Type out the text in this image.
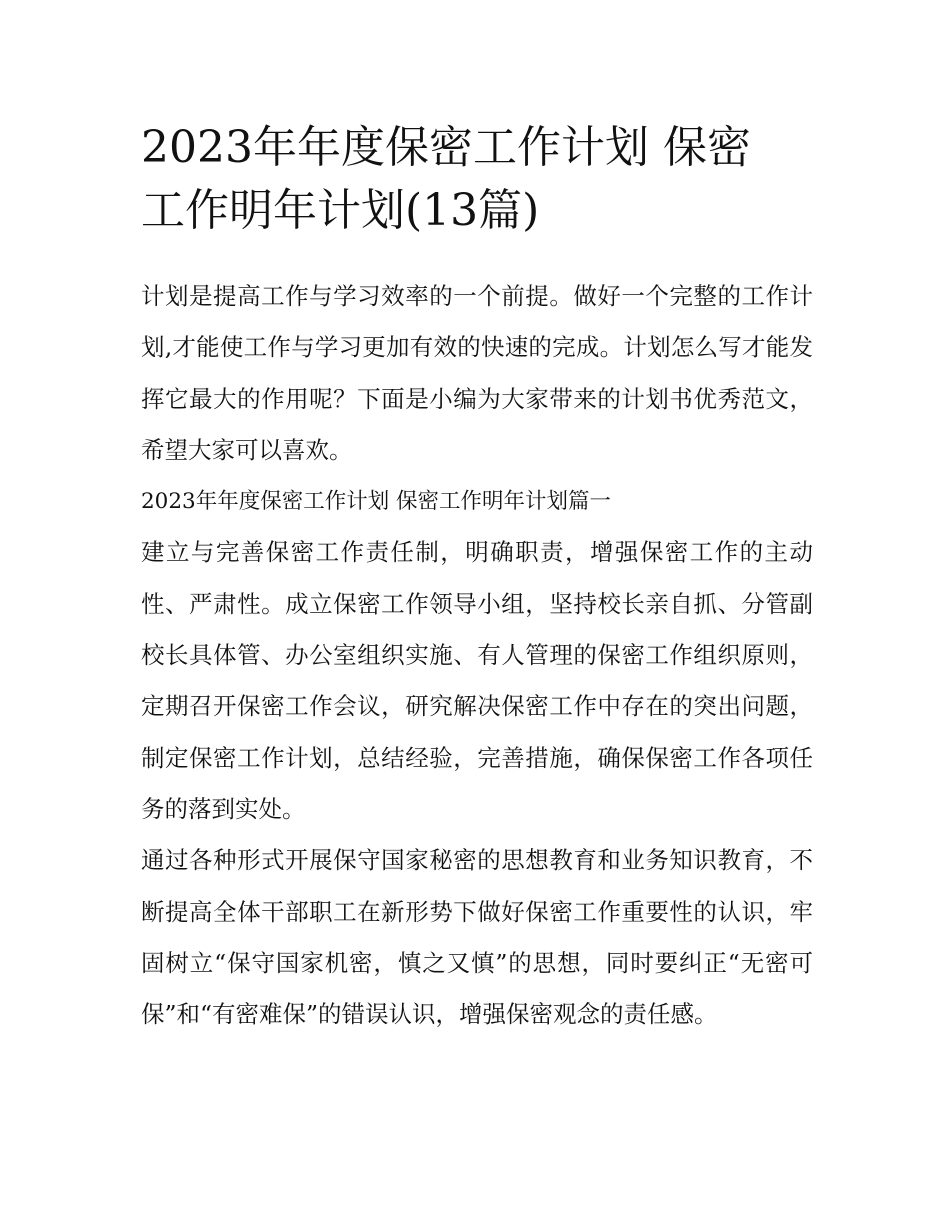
2023年年度保密工作计划 保密工作明年计划(13篇)

计划是提高工作与学习效率的一个前提。做好一个完整的工作计划,才能使工作与学习更加有效的快速的完成。计划怎么写才能发挥它最大的作用呢？下面是小编为大家带来的计划书优秀范文，希望大家可以喜欢。

2023年年度保密工作计划 保密工作明年计划篇一

建立与完善保密工作责任制，明确职责，增强保密工作的主动性、严肃性。成立保密工作领导小组，坚持校长亲自抓、分管副校长具体管、办公室组织实施、有人管理的保密工作组织原则，定期召开保密工作会议，研究解决保密工作中存在的突出问题，制定保密工作计划，总结经验，完善措施，确保保密工作各项任务的落到实处。

通过各种形式开展保守国家秘密的思想教育和业务知识教育，不断提高全体干部职工在新形势下做好保密工作重要性的认识，牢固树立“保守国家机密，慎之又慎”的思想，同时要纠正“无密可保”和“有密难保”的错误认识，增强保密观念的责任感。
